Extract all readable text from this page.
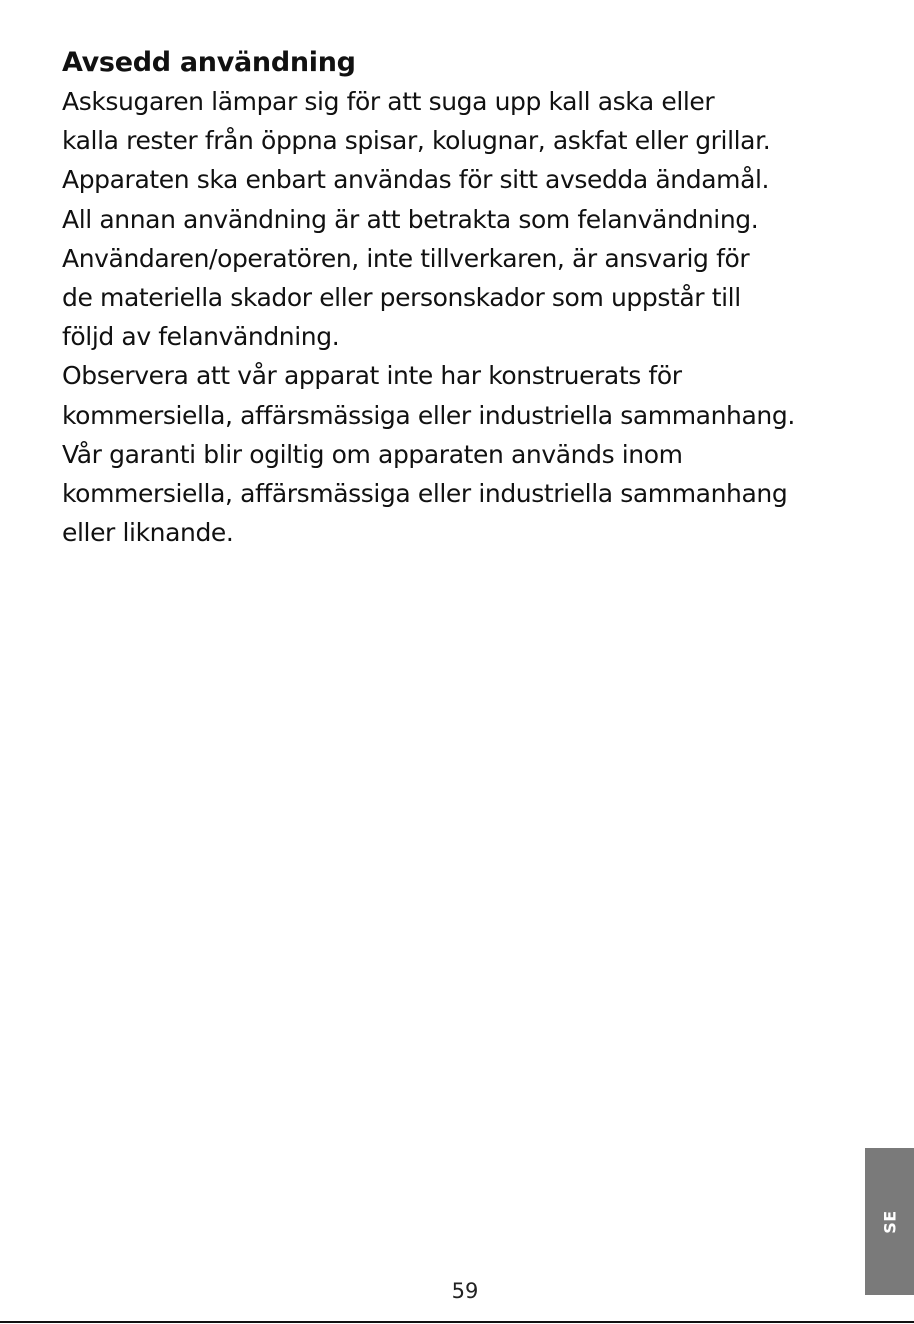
Avsedd användning
Asksugaren lämpar sig för att suga upp kall aska eller
kalla rester från öppna spisar, kolugnar, askfat eller grillar.
Apparaten ska enbart användas för sitt avsedda ändamål.
All annan användning är att betrakta som felanvändning.
Användaren/operatören, inte tillverkaren, är ansvarig för
de materiella skador eller personskador som uppstår till
följd av felanvändning.
Observera att vår apparat inte har konstruerats för
kommersiella, affärsmässiga eller industriella sammanhang.
Vår garanti blir ogiltig om apparaten används inom
kommersiella, affärsmässiga eller industriella sammanhang
eller liknande.
SE
59
